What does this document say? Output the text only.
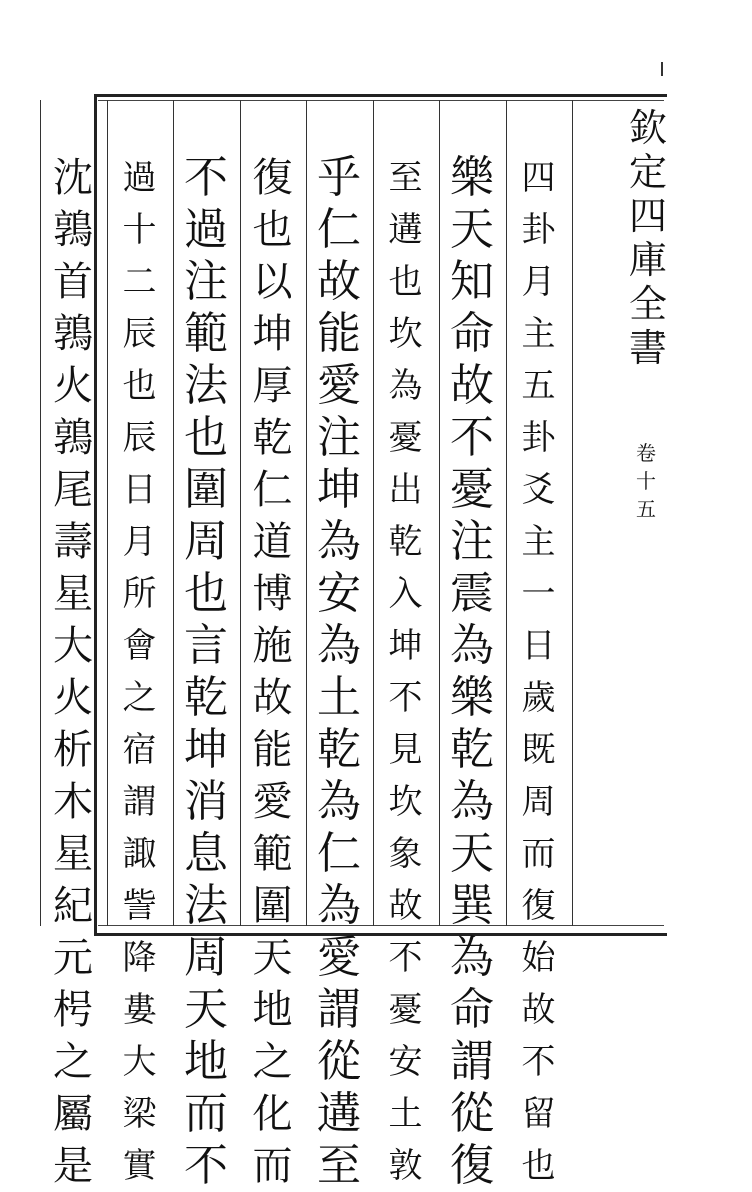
欽
定
四
庫
全
書
卷
十
五
四
卦
月
主
五
卦
爻
主
一
日
歲
既
周
而
復
始
故
不
留
也
樂
天
知
命
故
不
憂
注
震
為
樂
乾
為
天
巽
為
命
謂
從
復
至
遘
也
坎
為
憂
出
乾
入
坤
不
見
坎
象
故
不
憂
安
土
敦
乎
仁
故
能
愛
注
坤
為
安
為
土
乾
為
仁
為
愛
謂
從
遘
至
復
也
以
坤
厚
乾
仁
道
博
施
故
能
愛
範
圍
天
地
之
化
而
不
過
注
範
法
也
圍
周
也
言
乾
坤
消
息
法
周
天
地
而
不
過
十
二
辰
也
辰
日
月
所
會
之
宿
謂
諏
訾
降
婁
大
梁
實
沈
鶉
首
鶉
火
鶉
尾
壽
星
大
火
析
木
星
紀
元
枵
之
屬
是
